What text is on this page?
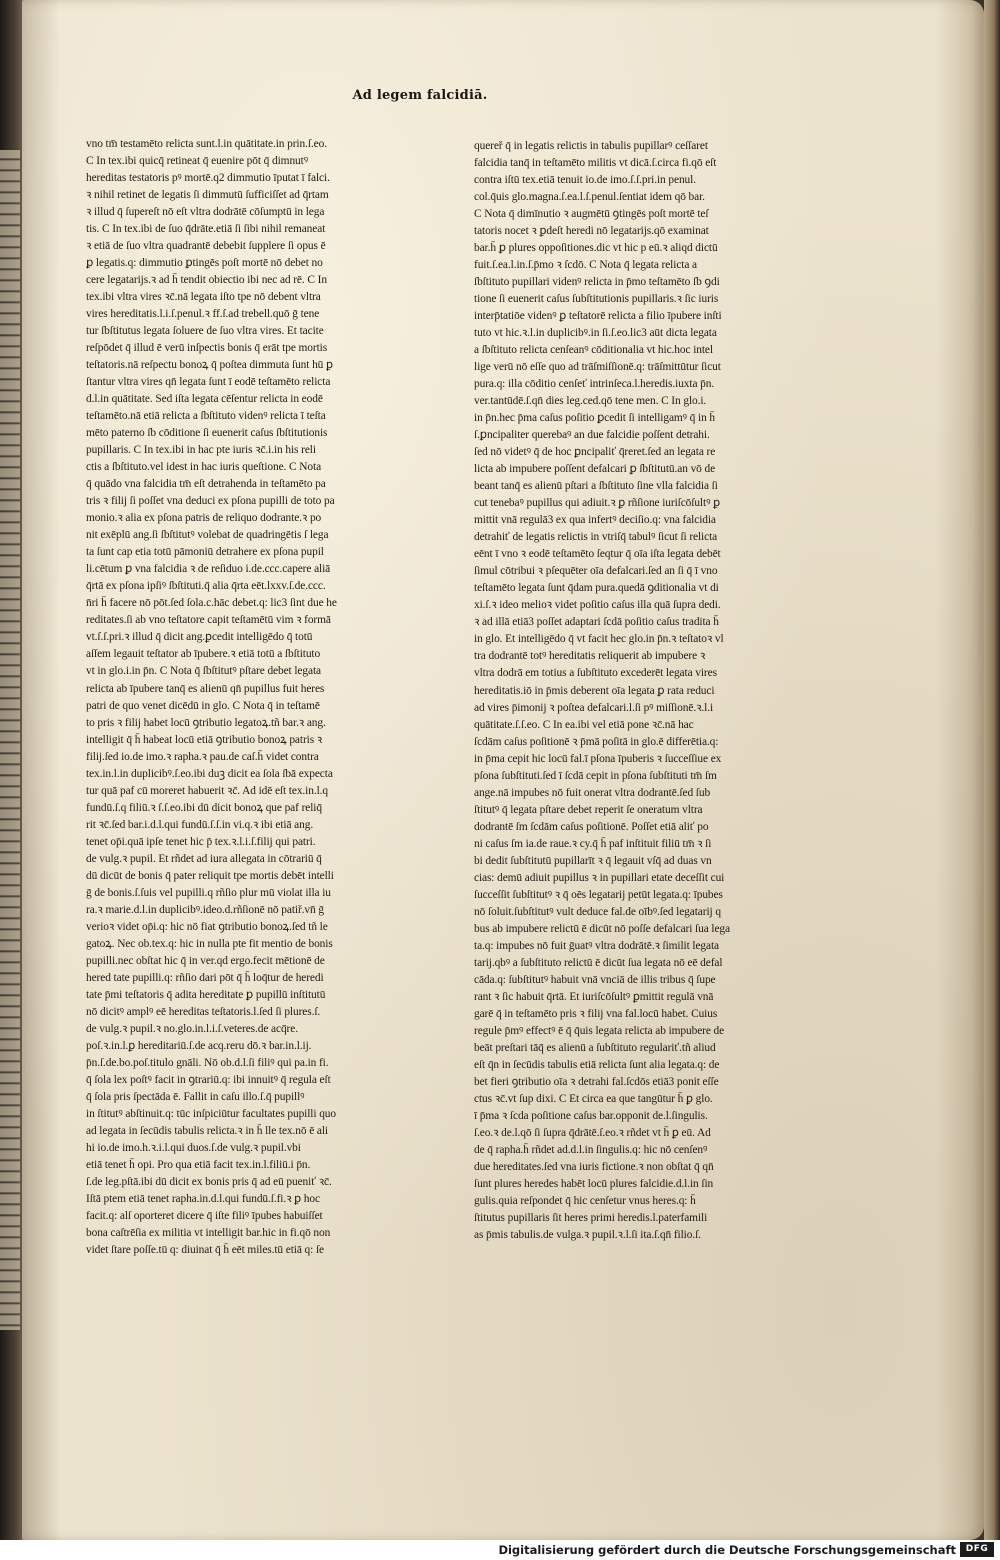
Ad legem falcidiā.
vno tm̄ testamēto relicta sunt.l.in quātitate.in prin.ſ.eo.
C In tex.ibi quicq̄ retineat q̄ euenire pōt q̄ dimnutꝰ
hereditas testatoris pꝰ mortē.q2 dimmutio īputat ī falci.
ꝛ nihil retinet de legatis ſi dimmutū ſufficiſſet ad q̄rtam
ꝛ illud q̄ ſupereſt nō eſt vltra dodrātē cōſumptū in lega
tis. C In tex.ibi de ſuo q̄drāte.etiā ſi ſibi nihil remaneat
ꝛ etiā de ſuo vltra quadrantē debebit ſupplere ſi opus ē
ꝑ legatis.q: dimmutio ꝑtingēs poſt mortē nō debet no
cere legatarijs.ꝛ ad h̄ tendit obiectio ibi nec ad rē. C In
tex.ibi vltra vires ꝛc̄.nā legata iſto tpe nō debent vltra
vires hereditatis.l.i.ſ.penul.ꝛ ff.ſ.ad trebell.quō ḡ tene
tur ſbſtitutus legata ſoluere de ſuo vltra vires. Et tacite
reſpōdet q̄ illud ē verū inſpectis bonis q̄ erāt tpe mortis
teſtatoris.nā reſpectu bonoꝝ q̄ poſtea dimmuta ſunt hū ꝑ
ſtantur vltra vires qn̄ legata ſunt ī eodē teſtamēto relicta
d.l.in quātitate. Sed iſta legata cēſentur relicta in eodē
teſtamēto.nā etiā relicta a ſbſtituto videnꝰ relicta ī teſta
mēto paterno ſb cōditione ſi euenerit caſus ſbſtitutionis
pupillaris. C In tex.ibi in hac pte iuris ꝛc̄.i.in his reli
ctis a ſbſtituto.vel idest in hac iuris queſtione. C Nota
q̄ quādo vna falcidia tm̄ eſt detrahenda in teſtamēto pa
tris ꝛ filij ſi poſſet vna deduci ex pſona pupilli de toto pa
monio.ꝛ alia ex pſona patris de reliquo dodrante.ꝛ po
nit exēplū ang.ſi ſbſtitutꝰ volebat de quadringētis ſ lega
ta ſunt cap etia totū pāmoniū detrahere ex pſona pupil
li.cētum ꝑ vna falcidia ꝛ de reſiduo i.de.ccc.capere aliā
q̄rtā ex pſona ipſiꝰ ſbſtituti.q̄ alia q̄rta eēt.lxxv.ſ.de.ccc.
n̄ri h̄ facere nō pōt.ſed ſola.c.hāc debet.q: lic3 ſint due he
reditates.ſi ab vno teſtatore capit teſtamētū vim ꝛ formā
vt.ſ.ſ.pri.ꝛ illud q̄ dicit ang.ꝑcedit intelligēdo q̄ totū
aſſem legauit teſtator ab īpubere.ꝛ etiā totū a ſbſtituto
vt in glo.i.in p̄n. C Nota q̄ ſbſtitutꝰ pſtare debet legata
relicta ab īpubere tanq̄ es alienū qn̄ pupillus fuit heres
patri de quo venet dicēdū in glo. C Nota q̄ in teſtamē
to pris ꝛ filij habet locū ꝯtributio legatoꝝ.tñ bar.ꝛ ang.
intelligit q̄ h̄ habeat locū etiā ꝯtributio bonoꝝ patris ꝛ
filij.ſed io.de imo.ꝛ rapha.ꝛ pau.de caſ.h̄ videt contra
tex.in.l.in duplicibꝰ.ſ.eo.ibi duꝫ dicit ea ſola ſbā expecta
tur quā paf cū moreret habuerit ꝛc̄. Ad idē eſt tex.in.l.q
fundū.ſ.q filiū.ꝛ ſ.ſ.eo.ibi dū dicit bonoꝝ que paf reliq̄
rit ꝛc̄.ſed bar.i.d.l.qui fundū.ſ.ſ.in vi.q.ꝛ ibi etiā ang.
tenet op̄i.quā ipſe tenet hic p̄ tex.ꝛ.l.i.ſ.filij qui patri.
de vulg.ꝛ pupil. Et rñdet ad iura allegata in cōtrariū q̄
dū dicūt de bonis q̄ pater reliquit tpe mortis debēt intelli
ḡ de bonis.ſ.ſuis vel pupilli.q rñſio plur mū violat illa iu
ra.ꝛ marie.d.l.in duplicibꝰ.ideo.d.rñſionē nō patiř.vn̄ ḡ
verioꝛ videt op̄i.q: hic nō fiat ꝯtributio bonoꝝ.ſed tñ le
gatoꝝ. Nec ob.tex.q: hic in nulla pte fit mentio de bonis
pupilli.nec obſtat hic q̄ in ver.qd ergo.fecit mētionē de
hered tate pupilli.q: rñſio dari pōt q̄ h̄ loq̄tur de heredi
tate p̄mi teſtatoris q̄ adita hereditate ꝑ pupillū inſtitutū
nō dicitꝰ amplꝰ eē hereditas teſtatoris.l.ſed ſi plures.ſ.
de vulg.ꝛ pupil.ꝛ no.glo.in.l.i.ſ.veteres.de acq̄re.
poſ.ꝛ.in.l.ꝑ hereditariū.ſ.de acq.reru dō.ꝛ bar.in.l.ij.
p̄n.ſ.de.bo.poſ.titulo gnāli. Nō ob.d.l.ſi filiꝰ qui pa.in fi.
q̄ ſola lex poſtꝰ facit in ꝯtrariū.q: ibi innuitꝰ q̄ regula eſt
q̄ ſola pris ſpectāda ē. Fallit in caſu illo.ſ.q̄ pupillꝰ
in ſtitutꝰ abſtinuit.q: tūc inſpiciūtur facultates pupilli quo
ad legata in ſecūdis tabulis relicta.ꝛ in h̄ lle tex.nō ē ali
hi io.de imo.h.ꝛ.i.l.qui duos.ſ.de vulg.ꝛ pupil.vbi
etiā tenet h̄ opi. Pro qua etiā facit tex.in.l.filiū.i p̄n.
ſ.de leg.pſtā.ibi dū dicit ex bonis pris q̄ ad eū pueniť ꝛc̄.
Iſtā ptem etiā tenet rapha.in.d.l.qui fundū.ſ.fi.ꝛ ꝑ hoc
facit.q: alſ oporteret dicere q̄ iſte filiꝰ īpubes habuiſſet
bona caſtrēſia ex militia vt intelligit bar.hic in fi.qō non
videt ſtare poſſe.tū q: diuinat q̄ h̄ eēt miles.tū etiā q: ſe
quereř q̄ in legatis relictis in tabulis pupillarꝰ ceſſaret
falcidia tanq̄ in teſtamēto militis vt dicā.ſ.circa fi.qō eſt
contra iſtū tex.etiā tenuit io.de imo.ſ.ſ.pri.in penul.
col.q̄uis glo.magna.ſ.ea.l.ſ.penul.ſentiat idem qō bar.
C Nota q̄ dimīnutio ꝛ augmētū ꝯtingēs poſt mortē teſ
tatoris nocet ꝛ ꝑdeſt heredi nō legatarijs.qō examinat
bar.h̄ ꝑ plures oppoſitiones.dic vt hic p eū.ꝛ aliqd dictū
fuit.ſ.ea.l.in.ſ.p̄mo ꝛ ſcdō. C Nota q̄ legata relicta a
ſbſtituto pupillari videnꝰ relicta in p̄mo teſtamēto ſb ꝯdi
tione ſi euenerit caſus ſubſtitutionis pupillaris.ꝛ ſic iuris
interp̄tatiōe videnꝰ ꝑ teſtatorē relicta a filio īpubere inſti
tuto vt hic.ꝛ.l.in duplicibꝰ.in ſi.ſ.eo.lic3 aūt dicta legata
a ſbſtituto relicta cenſeanꝰ cōditionalia vt hic.hoc intel
lige verū nō eſſe quo ad trāſmiſſionē.q: trāſmittūtur ſicut
pura.q: illa cōditio cenſeť intrinſeca.l.heredis.iuxta p̄n.
ver.tantūdē.ſ.qn̄ dies leg.ced.qō tene men. C In glo.i.
in p̄n.hec p̄ma caſus poſitio ꝑcedit ſi intelligamꝰ q̄ in h̄
ſ.ꝑncipaliter querebaꝰ an due falcidie poſſent detrahi.
ſed nō videtꝰ q̄ de hoc ꝑncipaliť q̄reret.ſed an legata re
licta ab impubere poſſent defalcari ꝑ ſbſtitutū.an vō de
beant tanq̄ es alienū pſtari a ſbſtituto ſine vlla falcidia ſi
cut tenebaꝰ pupillus qui adiuit.ꝛ ꝑ rñſione iuriſcōſultꝰ ꝑ
mittit vnā regulā3 ex qua infertꝰ deciſio.q: vna falcidia
detrahiť de legatis relictis in vtriſq̄ tabulꝰ ſicut ſi relicta
eēnt ī vno ꝛ eodē teſtamēto ſeqtur q̄ oīa iſta legata debēt
ſimul cōtribui ꝛ pſequēter oīa defalcari.ſed an ſi q̄ ī vno
teſtamēto legata ſunt q̄dam pura.quedā ꝯditionalia vt di
xi.ſ.ꝛ ideo melioꝛ videt poſitio caſus illa quā ſupra dedi.
ꝛ ad illā etiā3 poſſet adaptari ſcdā poſitio caſus tradita h̄
in glo. Et intelligēdo q̄ vt facit hec glo.in p̄n.ꝛ teſtatoꝛ vl
tra dodrantē totꝰ hereditatis reliquerit ab impubere ꝛ
vltra dodrā em totius a ſubſtituto excederēt legata vires
hereditatis.iō in p̄mis deberent oīa legata ꝑ rata reduci
ad vires p̄imonij ꝛ poſtea defalcari.l.ſi pꝰ miſſionē.ꝛ.l.i
quātitate.ſ.ſ.eo. C In ea.ibi vel etiā pone ꝛc̄.nā hac
ſcdām caſus poſitionē ꝛ p̄mā poſitā in glo.ē differētia.q:
in p̄ma cepit hic locū fal.ī pſona īpuberis ꝛ ſucceſſiue ex
pſona ſubſtituti.ſed ī ſcdā cepit in pſona ſubſtituti tm̄ ſm
ange.nā impubes nō fuit onerat vltra dodrantē.ſed ſub
ſtitutꝰ q̄ legata pſtare debet reperit ſe oneratum vltra
dodrantē ſm ſcdām caſus poſitionē. Poſſet etiā aliť po
ni caſus ſm ia.de raue.ꝛ cy.q̄ h̄ paf inſtituit filiū tm̄ ꝛ ſi
bi dedit ſubſtitutū pupillarīt ꝛ q̄ legauit vſq̄ ad duas vn
cias: demū adiuit pupillus ꝛ in pupillari etate deceſſit cui
ſucceſſit ſubſtitutꝰ ꝛ q̄ oēs legatarij petūt legata.q: īpubes
nō ſoluit.ſubſtitutꝰ vult deduce fal.de oībꝰ.ſed legatarij q
bus ab impubere relictū ē dicūt nō poſſe defalcari ſua lega
ta.q: impubes nō fuit ḡuatꝰ vltra dodrātē.ꝛ ſimilit legata
tarij.qbꝰ a ſubſtituto relictū ē dicūt ſua legata nō eē defal
cāda.q: ſubſtitutꝰ habuit vnā vnciā de illis tribus q̄ ſupe
rant ꝛ ſic habuit q̄rtā. Et iuriſcōſultꝰ ꝑmittit regulā vnā
garē q̄ in teſtamēto pris ꝛ filij vna fal.locū habet. Cuius
regule p̄mꝰ effectꝰ ē q̄ q̄uis legata relicta ab impubere de
beāt preſtari tāq̄ es alienū a ſubſtituto regulariť.tñ aliud
eſt q̄n in ſecūdis tabulis etiā relicta ſunt alia legata.q: de
bet fieri ꝯtributio oīa ꝛ detrahi fal.ſcdōs etiā3 ponit eſſe
ctus ꝛc̄.vt ſup dixi. C Et circa ea que tangūtur h̄ ꝑ glo.
ī p̄ma ꝛ ſcda poſitione caſus bar.opponit de.l.ſingulis.
ſ.eo.ꝛ de.l.qō ſi ſupra q̄drātē.ſ.eo.ꝛ rñdet vt h̄ ꝑ eū. Ad
de q̄ rapha.h̄ rñdet ad.d.l.in ſingulis.q: hic nō cenſenꝰ
due hereditates.ſed vna iuris fictione.ꝛ non obſtat q̄ qn̄
ſunt plures heredes habēt locū plures falcidie.d.l.in ſin
gulis.quia reſpondet q̄ hic cenſetur vnus heres.q: h̄
ſtitutus pupillaris ſit heres primi heredis.l.paterfamili
as p̄mis tabulis.de vulga.ꝛ pupil.ꝛ.l.ſi ita.ſ.qn̄ filio.ſ.
Digitalisierung gefördert durch die Deutsche Forschungsgemeinschaft	DFG
